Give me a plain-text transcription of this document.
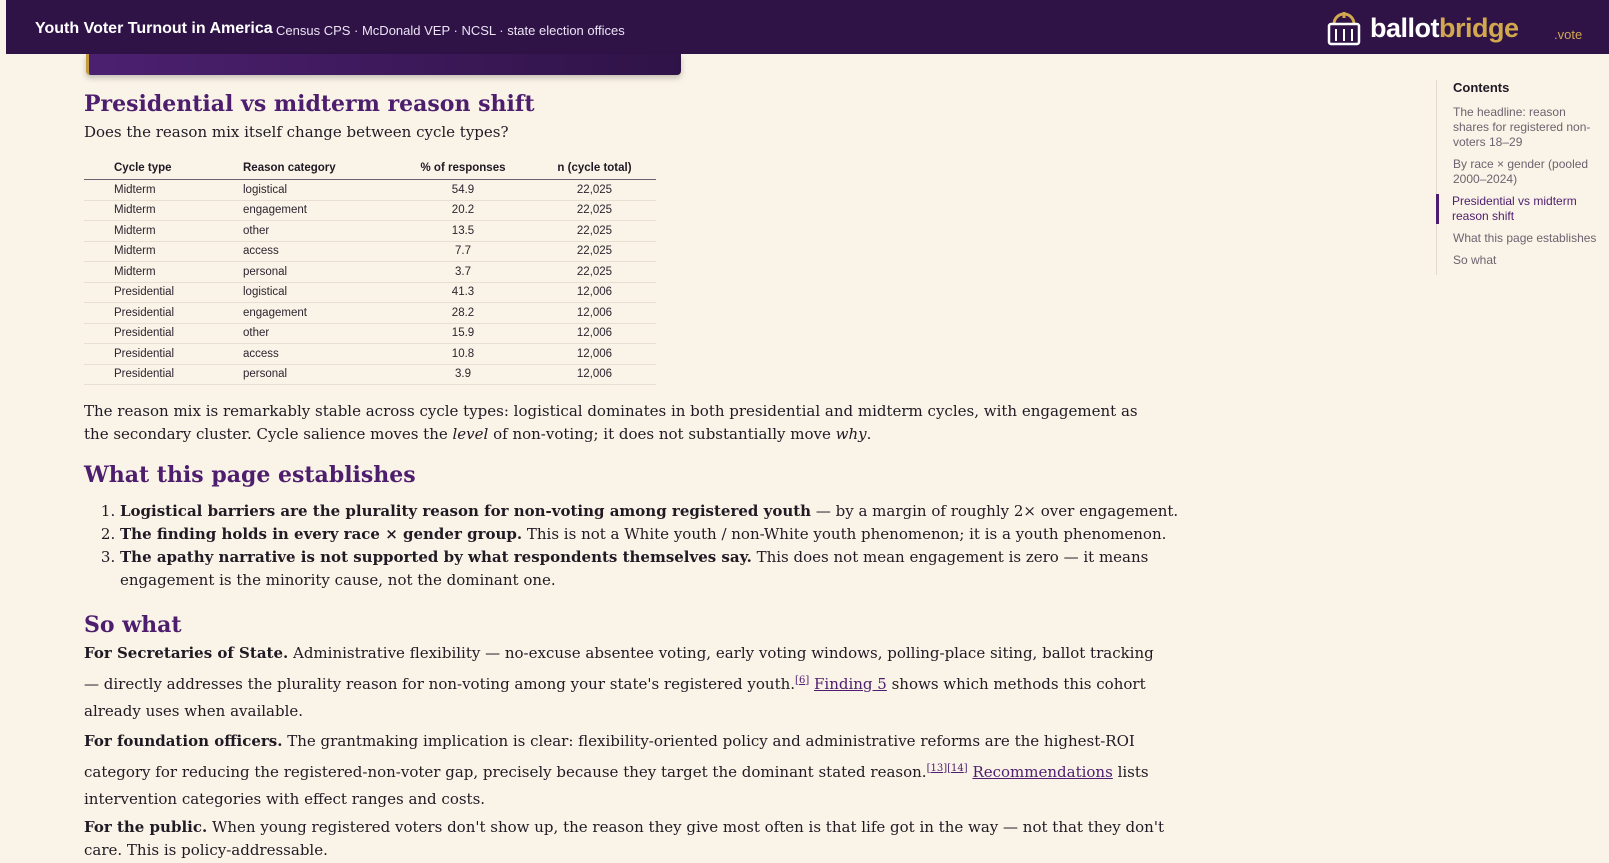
Youth Voter Turnout in America Census CPS · McDonald VEP · NCSL · state election offices	ballot bridge	.vote
Presidential vs midterm reason shift

Does the reason mix itself change between cycle types?

Cycle type	Reason category	% of responses	n (cycle total)
Midterm	logistical	54.9	22,025
Midterm	engagement	20.2	22,025
Midterm	other	13.5	22,025
Midterm	access	7.7	22,025
Midterm	personal	3.7	22,025
Presidential	logistical	41.3	12,006
Presidential	engagement	28.2	12,006
Presidential	other	15.9	12,006
Presidential	access	10.8	12,006
Presidential	personal	3.9	12,006

The reason mix is remarkably stable across cycle types: logistical dominates in both presidential and midterm cycles, with engagement as the secondary cluster. Cycle salience moves the level of non-voting; it does not substantially move why.

What this page establishes
1. Logistical barriers are the plurality reason for non-voting among registered youth — by a margin of roughly 2× over engagement.
2. The finding holds in every race × gender group. This is not a White youth / non-White youth phenomenon; it is a youth phenomenon.
3. The apathy narrative is not supported by what respondents themselves say. This does not mean engagement is zero — it means engagement is the minority cause, not the dominant one.
So what

For Secretaries of State. Administrative flexibility — no-excuse absentee voting, early voting windows, polling-place siting, ballot tracking — directly addresses the plurality reason for non-voting among your state's registered youth.[6] Finding 5 shows which methods this cohort already uses when available.

For foundation officers. The grantmaking implication is clear: flexibility-oriented policy and administrative reforms are the highest-ROI category for reducing the registered-non-voter gap, precisely because they target the dominant stated reason.[13][14] Recommendations lists intervention categories with effect ranges and costs.

For the public. When young registered voters don't show up, the reason they give most often is that life got in the way — not that they don't care. This is policy-addressable.

Contents
The headline: reason shares for registered non-voters 18–29
By race × gender (pooled 2000–2024)
Presidential vs midterm reason shift
What this page establishes
So what
